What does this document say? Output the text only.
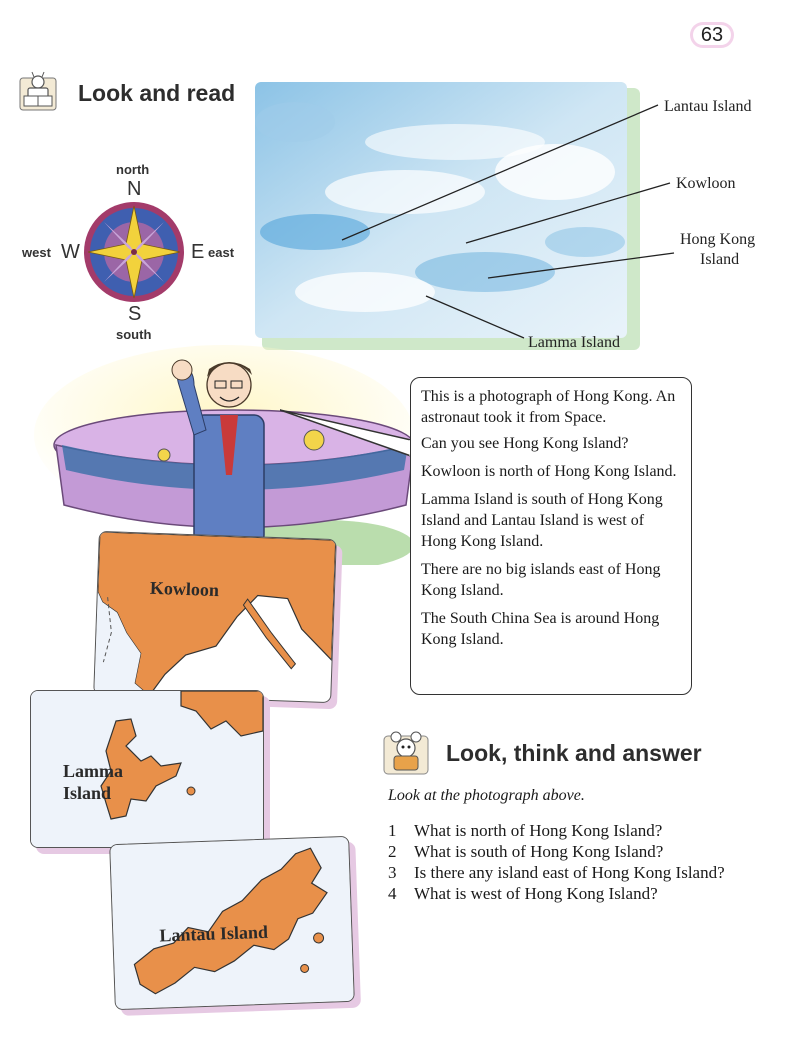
63
Look and read
north
N
west W	E east
S
south
Lantau Island
Kowloon
Hong Kong
Island
Lamma Island

This is a photograph of Hong Kong. An astronaut took it from Space.

Can you see Hong Kong Island?

Kowloon is north of Hong Kong Island.

Lamma Island is south of Hong Kong Island and Lantau Island is west of Hong Kong Island.

There are no big islands east of Hong Kong Island.

The South China Sea is around Hong Kong Island.

Kowloon
Lamma
Island
Lantau Island
Look, think and answer
Look at the photograph above.
1	What is north of Hong Kong Island?
2	What is south of Hong Kong Island?
3	Is there any island east of Hong Kong Island?
4	What is west of Hong Kong Island?
